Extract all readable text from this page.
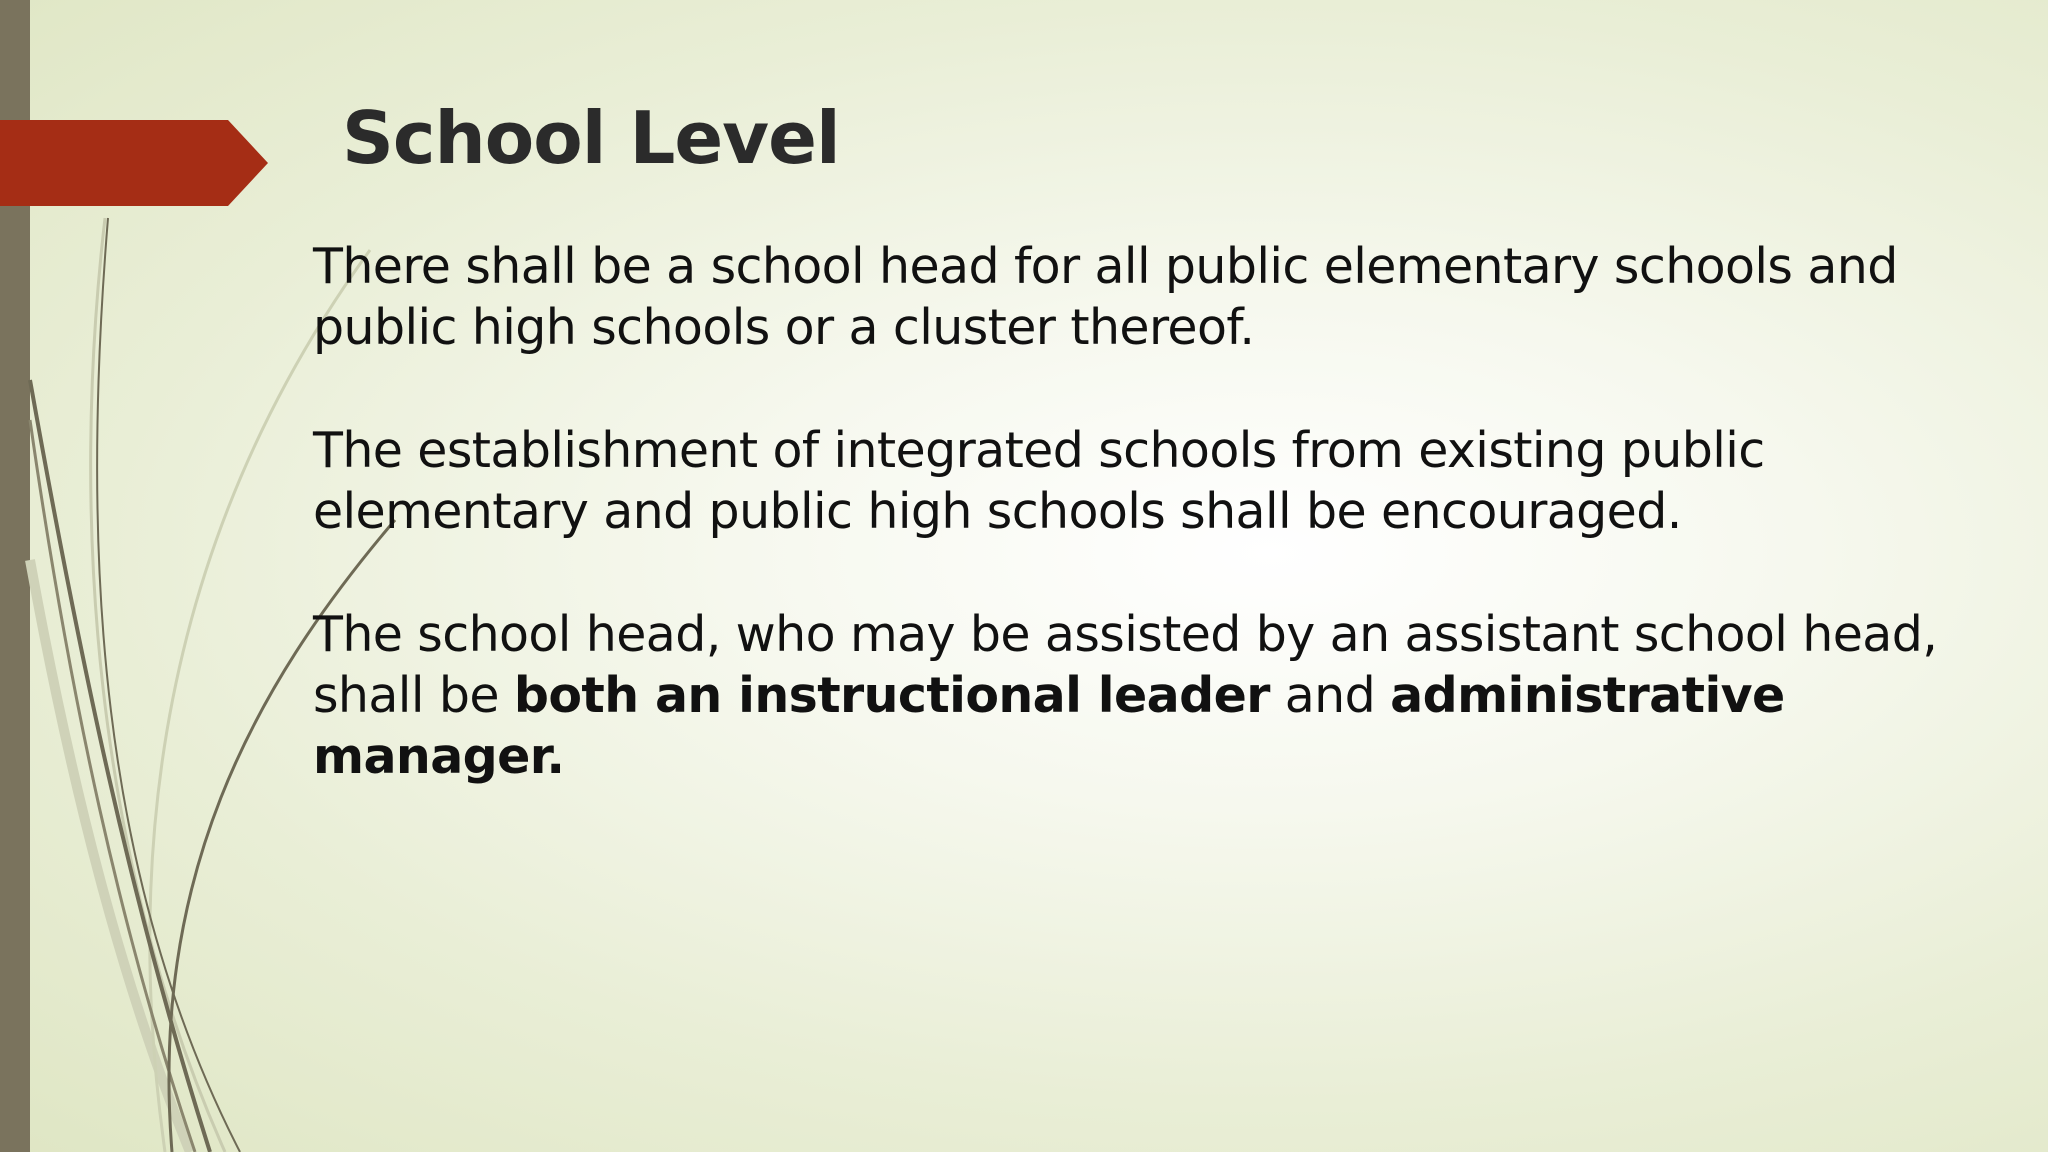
School Level

There shall be a school head for all public elementary schools and public high schools or a cluster thereof.

The establishment of integrated schools from existing public elementary and public high schools shall be encouraged.

The school head, who may be assisted by an assistant school head, shall be both an instructional leader and administrative manager.
